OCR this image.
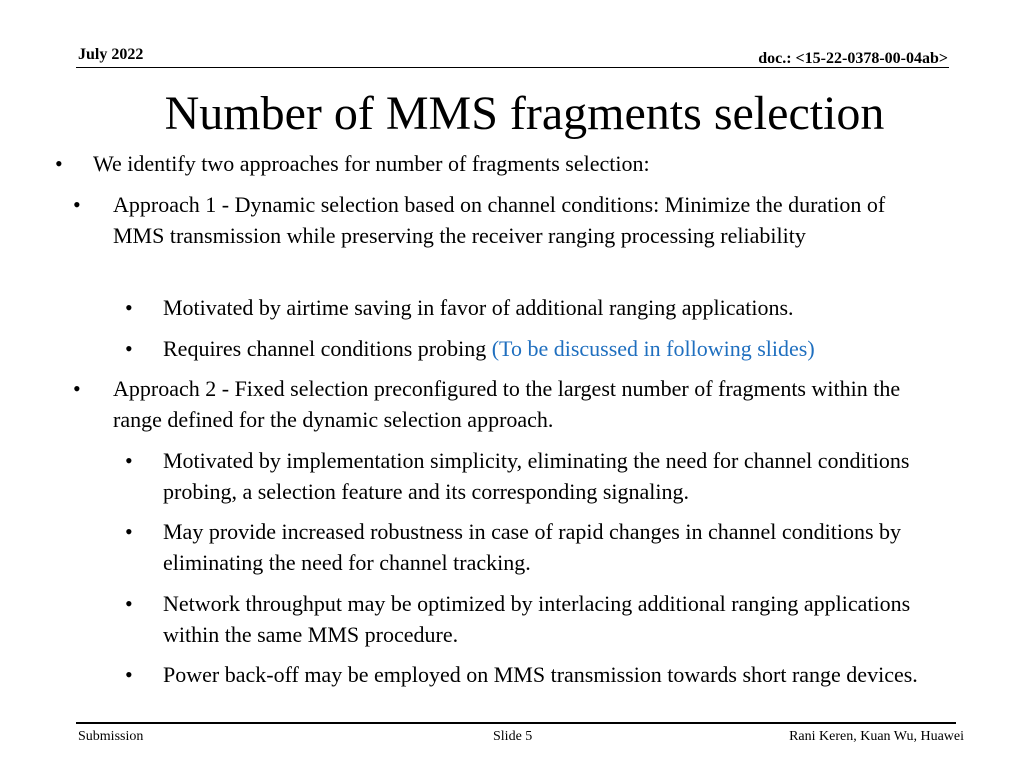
July 2022	doc.: <15-22-0378-00-04ab>
Number of MMS fragments selection
• We identify two approaches for number of fragments selection:
• Approach 1 - Dynamic selection based on channel conditions: Minimize the duration of MMS transmission while preserving the receiver ranging processing reliability
• Motivated by airtime saving in favor of additional ranging applications.
• Requires channel conditions probing (To be discussed in following slides)
• Approach 2 - Fixed selection preconfigured to the largest number of fragments within the range defined for the dynamic selection approach.
• Motivated by implementation simplicity, eliminating the need for channel conditions probing, a selection feature and its corresponding signaling.
• May provide increased robustness in case of rapid changes in channel conditions by eliminating the need for channel tracking.
• Network throughput may be optimized by interlacing additional ranging applications within the same MMS procedure.
• Power back-off may be employed on MMS transmission towards short range devices.
Submission	Slide 5	Rani Keren, Kuan Wu, Huawei
